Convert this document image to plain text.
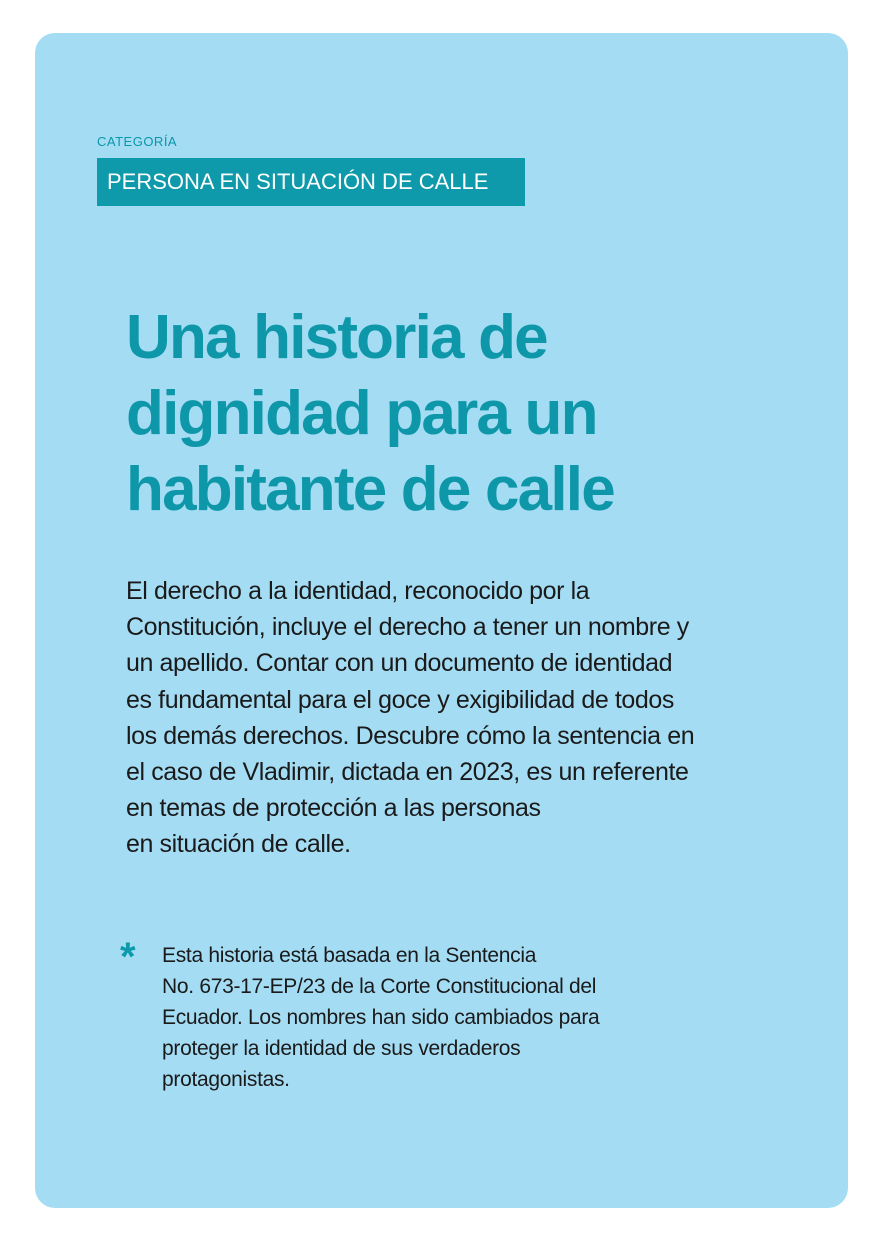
CATEGORÍA

PERSONA EN SITUACIÓN DE CALLE
Una historia de dignidad para un habitante de calle

El derecho a la identidad, reconocido por la
Constitución, incluye el derecho a tener un nombre y
un apellido. Contar con un documento de identidad
es fundamental para el goce y exigibilidad de todos
los demás derechos. Descubre cómo la sentencia en
el caso de Vladimir, dictada en 2023, es un referente
en temas de protección a las personas
en situación de calle.

* Esta historia está basada en la Sentencia
No. 673-17-EP/23 de la Corte Constitucional del
Ecuador. Los nombres han sido cambiados para
proteger la identidad de sus verdaderos
protagonistas.
